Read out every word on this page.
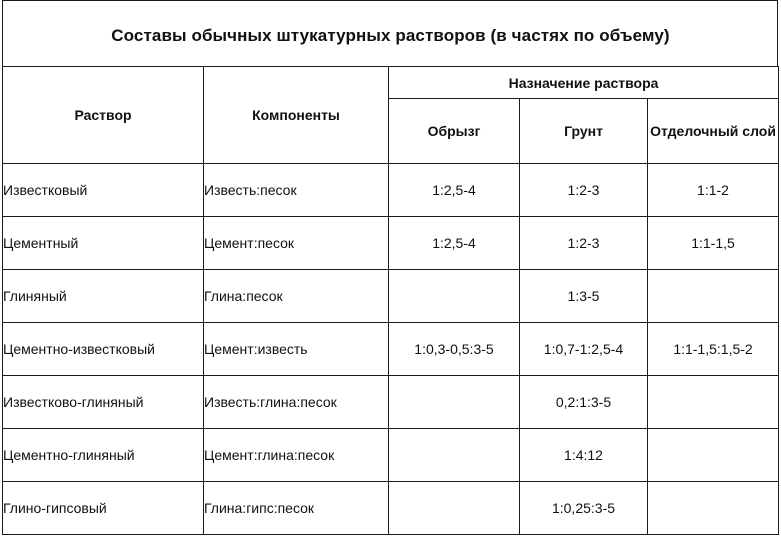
Составы обычных штукатурных растворов (в частях по объему)
Раствор	Компоненты	Назначение раствора		
		Обрызг	Грунт	Отделочный слой
Известковый	Известь:песок	1:2,5-4	1:2-3	1:1-2
Цементный	Цемент:песок	1:2,5-4	1:2-3	1:1-1,5
Глиняный	Глина:песок		1:3-5	
Цементно-известковый	Цемент:известь	1:0,3-0,5:3-5	1:0,7-1:2,5-4	1:1-1,5:1,5-2
Известково-глиняный	Известь:глина:песок		0,2:1:3-5	
Цементно-глиняный	Цемент:глина:песок		1:4:12	
Глино-гипсовый	Глина:гипс:песок		1:0,25:3-5	
